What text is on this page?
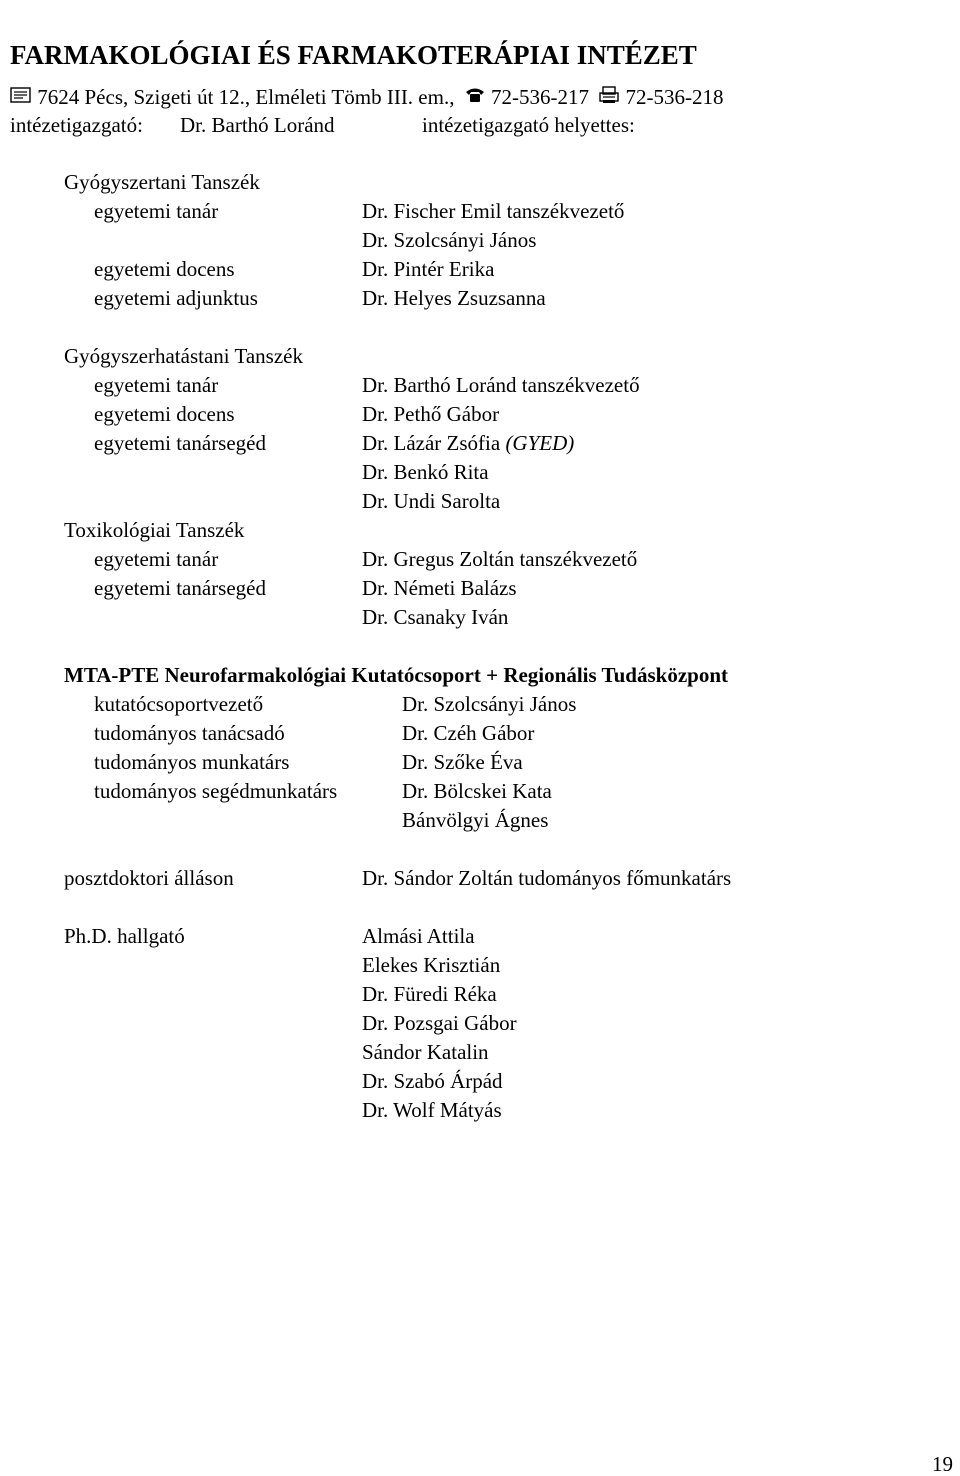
FARMAKOLÓGIAI ÉS FARMAKOTERÁPIAI INTÉZET
7624 Pécs, Szigeti út 12., Elméleti Tömb III. em., 72-536-217 72-536-218
intézetigazgató: Dr. Barthó Loránd	intézetigazgató helyettes:
Gyógyszertani Tanszék
egyetemi tanár	Dr. Fischer Emil tanszékvezető
Dr. Szolcsányi János
egyetemi docens	Dr. Pintér Erika
egyetemi adjunktus	Dr. Helyes Zsuzsanna
Gyógyszerhatástani Tanszék
egyetemi tanár	Dr. Barthó Loránd tanszékvezető
egyetemi docens	Dr. Pethő Gábor
egyetemi tanársegéd	Dr. Lázár Zsófia (GYED)
Dr. Benkó Rita
Dr. Undi Sarolta
Toxikológiai Tanszék
egyetemi tanár	Dr. Gregus Zoltán tanszékvezető
egyetemi tanársegéd	Dr. Németi Balázs
Dr. Csanaky Iván
MTA-PTE Neurofarmakológiai Kutatócsoport + Regionális Tudásközpont
kutatócsoportvezető	Dr. Szolcsányi János
tudományos tanácsadó	Dr. Czéh Gábor
tudományos munkatárs	Dr. Szőke Éva
tudományos segédmunkatárs	Dr. Bölcskei Kata
Bánvölgyi Ágnes
posztdoktori álláson	Dr. Sándor Zoltán tudományos főmunkatárs
Ph.D. hallgató	Almási Attila
Elekes Krisztián
Dr. Füredi Réka
Dr. Pozsgai Gábor
Sándor Katalin
Dr. Szabó Árpád
Dr. Wolf Mátyás
19
